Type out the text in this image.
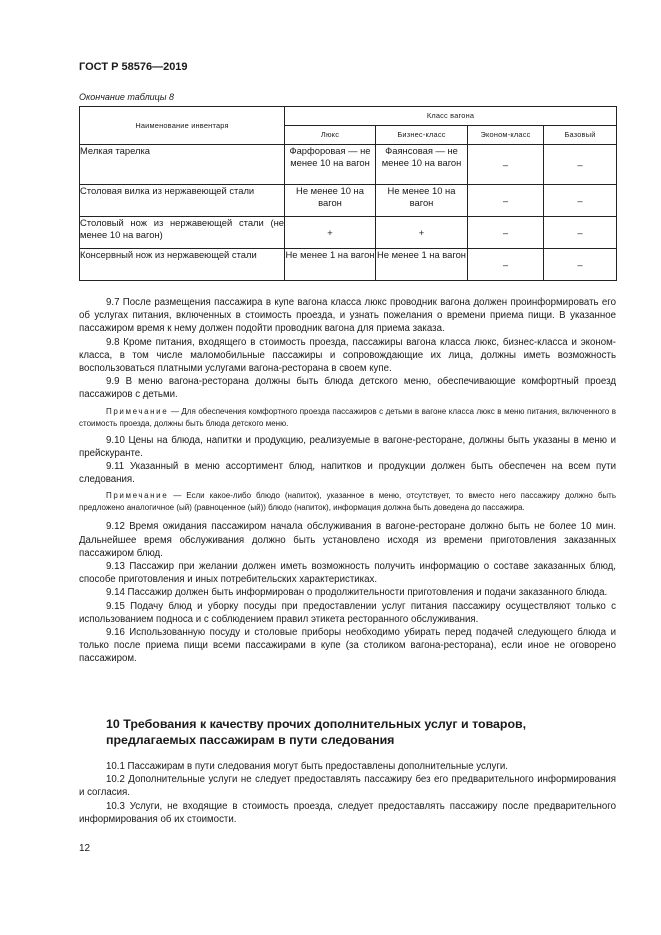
ГОСТ Р 58576—2019
Окончание таблицы 8
Наименование инвентаря	Класс вагона			
	Люкс	Бизнес-класс	Эконом-класс	Базовый
Мелкая тарелка	Фарфоровая — не менее 10 на вагон	Фаянсовая — не менее 10 на вагон	–	–
Столовая вилка из нержавеющей стали	Не менее 10 на вагон	Не менее 10 на вагон	–	–
Столовый нож из нержавеющей стали (не менее 10 на вагон)	+	+	–	–
Консервный нож из нержавеющей стали	Не менее 1 на вагон	Не менее 1 на вагон	–	–

9.7 После размещения пассажира в купе вагона класса люкс проводник вагона должен проинформировать его об услугах питания, включенных в стоимость проезда, и узнать пожелания о времени приема пищи. В указанное пассажиром время к нему должен подойти проводник вагона для приема заказа.

9.8 Кроме питания, входящего в стоимость проезда, пассажиры вагона класса люкс, бизнес-класса и эконом-класса, в том числе маломобильные пассажиры и сопровождающие их лица, должны иметь возможность воспользоваться платными услугами вагона-ресторана в своем купе.

9.9 В меню вагона-ресторана должны быть блюда детского меню, обеспечивающие комфортный проезд пассажиров с детьми.

Примечание — Для обеспечения комфортного проезда пассажиров с детьми в вагоне класса люкс в меню питания, включенного в стоимость проезда, должны быть блюда детского меню.

9.10 Цены на блюда, напитки и продукцию, реализуемые в вагоне-ресторане, должны быть указаны в меню и прейскуранте.

9.11 Указанный в меню ассортимент блюд, напитков и продукции должен быть обеспечен на всем пути следования.

Примечание — Если какое-либо блюдо (напиток), указанное в меню, отсутствует, то вместо него пассажиру должно быть предложено аналогичное (ый) (равноценное (ый)) блюдо (напиток), информация должна быть доведена до пассажира.

9.12 Время ожидания пассажиром начала обслуживания в вагоне-ресторане должно быть не более 10 мин. Дальнейшее время обслуживания должно быть установлено исходя из времени приготовления заказанных пассажиром блюд.

9.13 Пассажир при желании должен иметь возможность получить информацию о составе заказанных блюд, способе приготовления и иных потребительских характеристиках.

9.14 Пассажир должен быть информирован о продолжительности приготовления и подачи заказанного блюда.

9.15 Подачу блюд и уборку посуды при предоставлении услуг питания пассажиру осуществляют только с использованием подноса и с соблюдением правил этикета ресторанного обслуживания.

9.16 Использованную посуду и столовые приборы необходимо убирать перед подачей следующего блюда и только после приема пищи всеми пассажирами в купе (за столиком вагона-ресторана), если иное не оговорено пассажиром.

10 Требования к качеству прочих дополнительных услуг и товаров, предлагаемых пассажирам в пути следования

10.1 Пассажирам в пути следования могут быть предоставлены дополнительные услуги.

10.2 Дополнительные услуги не следует предоставлять пассажиру без его предварительного информирования и согласия.

10.3 Услуги, не входящие в стоимость проезда, следует предоставлять пассажиру после предварительного информирования об их стоимости.

12
